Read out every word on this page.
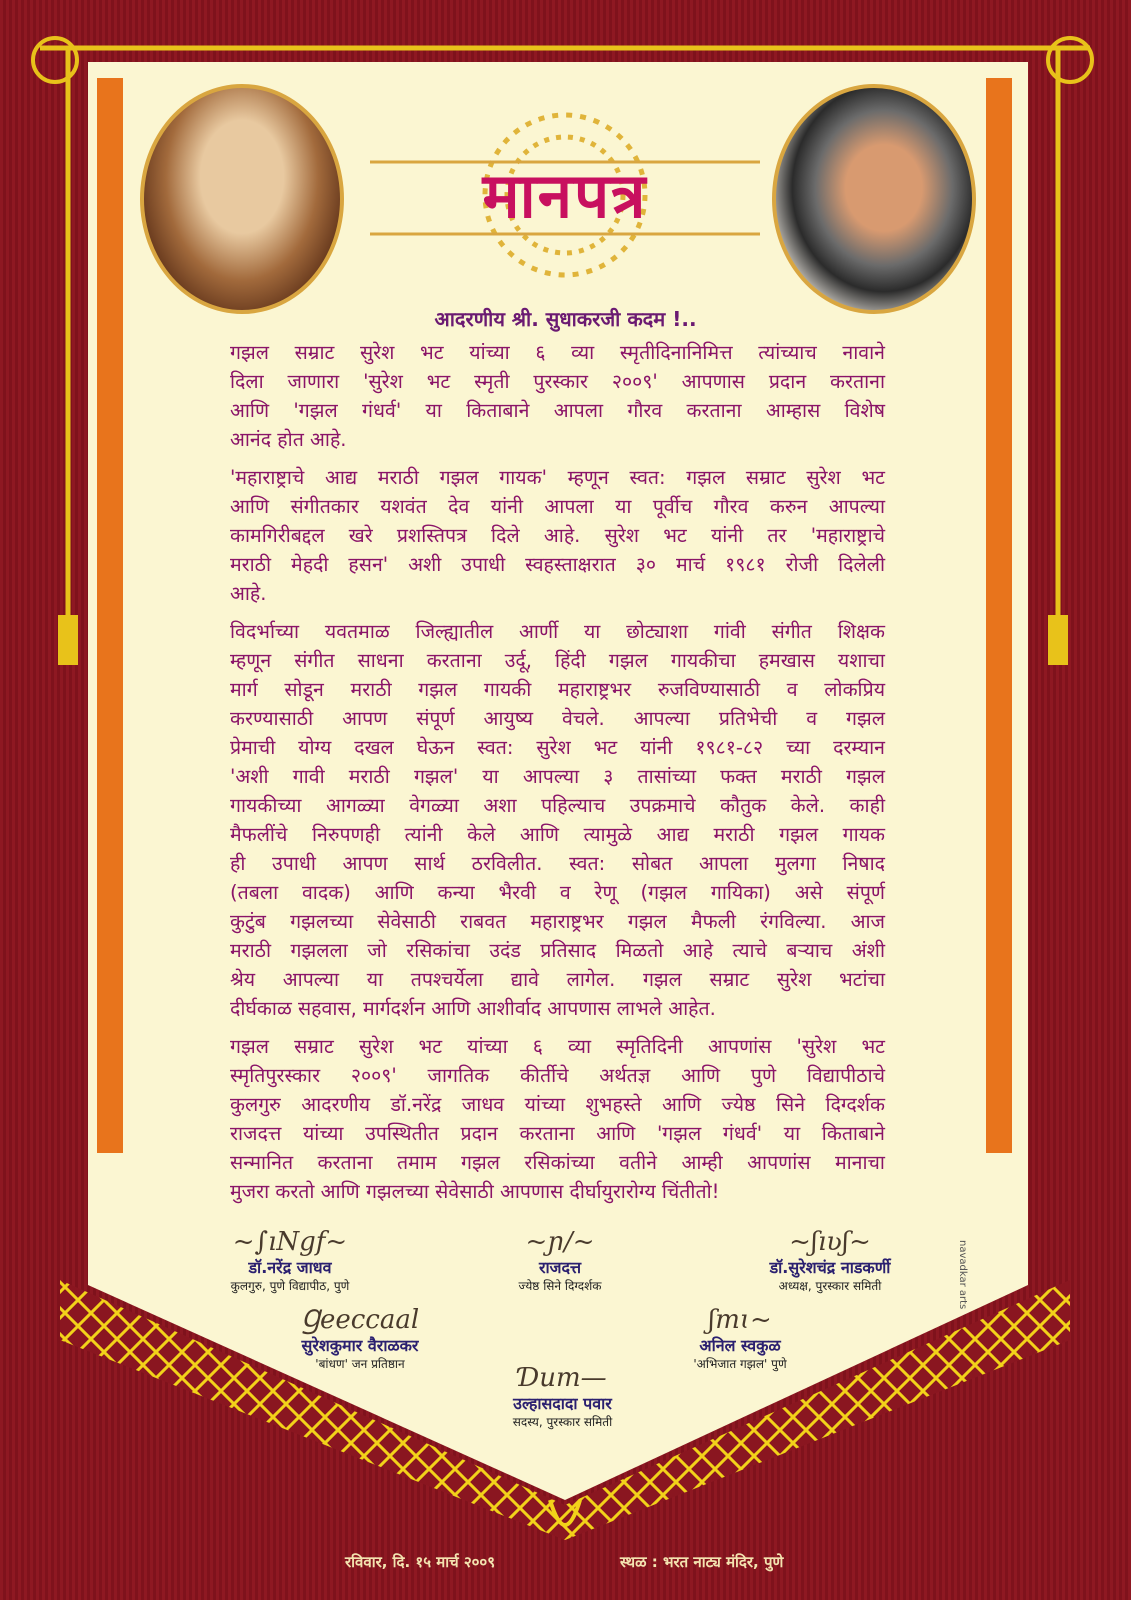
मानपत्र
आदरणीय श्री. सुधाकरजी कदम !..

गझल सम्राट सुरेश भट यांच्या ६ व्या स्मृतीदिनानिमित्त त्यांच्याच नावाने
दिला जाणारा 'सुरेश भट स्मृती पुरस्कार २००९' आपणास प्रदान करताना
आणि 'गझल गंधर्व' या किताबाने आपला गौरव करताना आम्हास विशेष
आनंद होत आहे.

'महाराष्ट्राचे आद्य मराठी गझल गायक' म्हणून स्वत: गझल सम्राट सुरेश भट
आणि संगीतकार यशवंत देव यांनी आपला या पूर्वीच गौरव करुन आपल्या
कामगिरीबद्दल खरे प्रशस्तिपत्र दिले आहे. सुरेश भट यांनी तर 'महाराष्ट्राचे
मराठी मेहदी हसन' अशी उपाधी स्वहस्ताक्षरात ३० मार्च १९८१ रोजी दिलेली
आहे.

विदर्भाच्या यवतमाळ जिल्ह्यातील आर्णी या छोट्याशा गांवी संगीत शिक्षक
म्हणून संगीत साधना करताना उर्दू, हिंदी गझल गायकीचा हमखास यशाचा
मार्ग सोडून मराठी गझल गायकी महाराष्ट्रभर रुजविण्यासाठी व लोकप्रिय
करण्यासाठी आपण संपूर्ण आयुष्य वेचले. आपल्या प्रतिभेची व गझल
प्रेमाची योग्य दखल घेऊन स्वत: सुरेश भट यांनी १९८१-८२ च्या दरम्यान
'अशी गावी मराठी गझल' या आपल्या ३ तासांच्या फक्त मराठी गझल
गायकीच्या आगळ्या वेगळ्या अशा पहिल्याच उपक्रमाचे कौतुक केले. काही
मैफलींचे निरुपणही त्यांनी केले आणि त्यामुळे आद्य मराठी गझल गायक
ही उपाधी आपण सार्थ ठरविलीत. स्वत: सोबत आपला मुलगा निषाद
(तबला वादक) आणि कन्या भैरवी व रेणू (गझल गायिका) असे संपूर्ण
कुटुंब गझलच्या सेवेसाठी राबवत महाराष्ट्रभर गझल मैफली रंगविल्या. आज
मराठी गझलला जो रसिकांचा उदंड प्रतिसाद मिळतो आहे त्याचे बऱ्याच अंशी
श्रेय आपल्या या तपश्चर्येला द्यावे लागेल. गझल सम्राट सुरेश भटांचा
दीर्घकाळ सहवास, मार्गदर्शन आणि आशीर्वाद आपणास लाभले आहेत.

गझल सम्राट सुरेश भट यांच्या ६ व्या स्मृतिदिनी आपणांस 'सुरेश भट
स्मृतिपुरस्कार २००९' जागतिक कीर्तीचे अर्थतज्ञ आणि पुणे विद्यापीठाचे
कुलगुरु आदरणीय डॉ.नरेंद्र जाधव यांच्या शुभहस्ते आणि ज्येष्ठ सिने दिग्दर्शक
राजदत्त यांच्या उपस्थितीत प्रदान करताना आणि 'गझल गंधर्व' या किताबाने
सन्मानित करताना तमाम गझल रसिकांच्या वतीने आम्ही आपणांस मानाचा
मुजरा करतो आणि गझलच्या सेवेसाठी आपणास दीर्घायुरारोग्य चिंतीतो!

~∫ıNgf~
डॉ.नरेंद्र जाधव
कुलगुरु, पुणे विद्यापीठ, पुणे
~ɲ/~
राजदत्त
ज्येष्ठ सिने दिग्दर्शक
~ʃıʋʃ~
डॉ.सुरेशचंद्र नाडकर्णी
अध्यक्ष, पुरस्कार समिती
Ɡeeccaal
सुरेशकुमार वैराळकर
'बांधण' जन प्रतिष्ठान
ʃmɩ~
अनिल स्वकुळ
'अभिजात गझल' पुणे
Ɗum—
उल्हासदादा पवार
सदस्य, पुरस्कार समिती
navadkar arts
रविवार, दि. १५ मार्च २००९	स्थळ : भरत नाट्य मंदिर, पुणे
